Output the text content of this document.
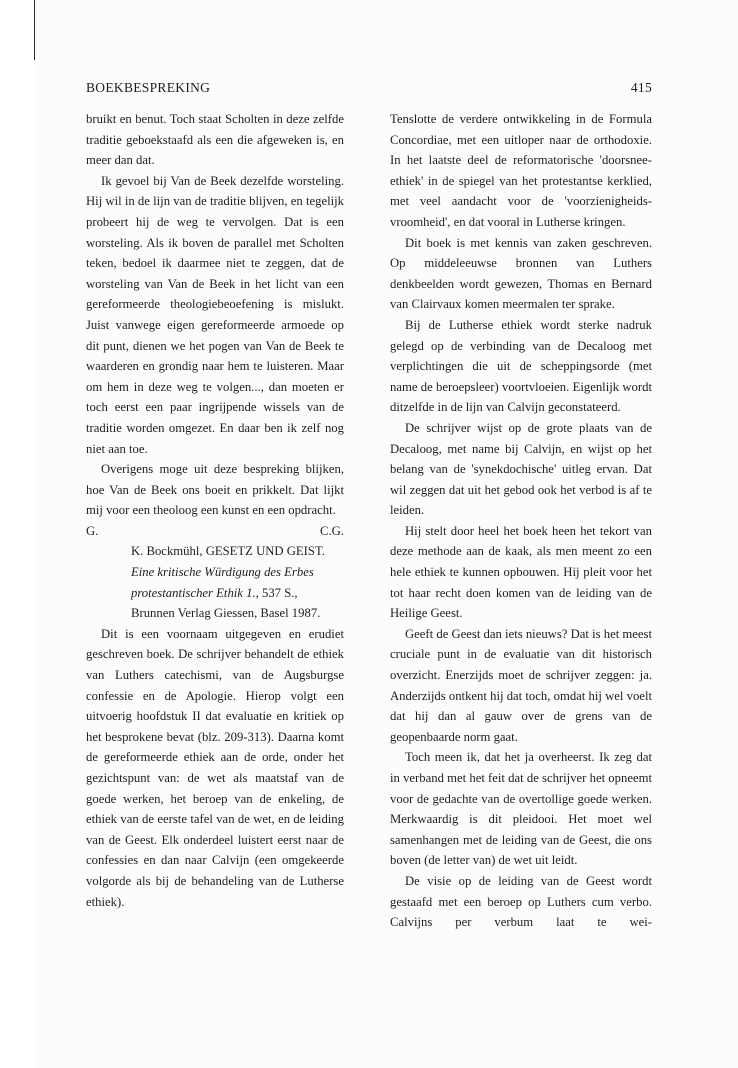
BOEKBESPREKING	415

bruikt en benut. Toch staat Scholten in deze zelfde traditie geboekstaafd als een die afgeweken is, en meer dan dat.

Ik gevoel bij Van de Beek dezelfde worsteling. Hij wil in de lijn van de traditie blijven, en tegelijk probeert hij de weg te vervolgen. Dat is een worsteling. Als ik boven de parallel met Scholten teken, bedoel ik daarmee niet te zeggen, dat de worsteling van Van de Beek in het licht van een gereformeerde theologiebeoefening is mislukt. Juist vanwege eigen gereformeerde armoede op dit punt, dienen we het pogen van Van de Beek te waarderen en grondig naar hem te luisteren. Maar om hem in deze weg te volgen..., dan moeten er toch eerst een paar ingrijpende wissels van de traditie worden omgezet. En daar ben ik zelf nog niet aan toe.

Overigens moge uit deze bespreking blijken, hoe Van de Beek ons boeit en prikkelt. Dat lijkt mij voor een theoloog een kunst en een opdracht.

G.	C.G.

K. Bockmühl, GESETZ UND GEIST. Eine kritische Würdigung des Erbes protestantischer Ethik 1., 537 S., Brunnen Verlag Giessen, Basel 1987.

Dit is een voornaam uitgegeven en erudiet geschreven boek. De schrijver behandelt de ethiek van Luthers catechismi, van de Augsburgse confessie en de Apologie. Hierop volgt een uitvoerig hoofdstuk II dat evaluatie en kritiek op het besprokene bevat (blz. 209-313). Daarna komt de gereformeerde ethiek aan de orde, onder het gezichtspunt van: de wet als maatstaf van de goede werken, het beroep van de enkeling, de ethiek van de eerste tafel van de wet, en de leiding van de Geest. Elk onderdeel luistert eerst naar de confessies en dan naar Calvijn (een omgekeerde volgorde als bij de behandeling van de Lutherse ethiek).

Tenslotte de verdere ontwikkeling in de Formula Concordiae, met een uitloper naar de orthodoxie. In het laatste deel de reformatorische 'doorsnee-ethiek' in de spiegel van het protestantse kerklied, met veel aandacht voor de 'voorzienigheids-vroomheid', en dat vooral in Lutherse kringen.

Dit boek is met kennis van zaken geschreven. Op middeleeuwse bronnen van Luthers denkbeelden wordt gewezen, Thomas en Bernard van Clairvaux komen meermalen ter sprake.

Bij de Lutherse ethiek wordt sterke nadruk gelegd op de verbinding van de Decaloog met verplichtingen die uit de scheppingsorde (met name de beroepsleer) voortvloeien. Eigenlijk wordt ditzelfde in de lijn van Calvijn geconstateerd.

De schrijver wijst op de grote plaats van de Decaloog, met name bij Calvijn, en wijst op het belang van de 'synekdochische' uitleg ervan. Dat wil zeggen dat uit het gebod ook het verbod is af te leiden.

Hij stelt door heel het boek heen het tekort van deze methode aan de kaak, als men meent zo een hele ethiek te kunnen opbouwen. Hij pleit voor het tot haar recht doen komen van de leiding van de Heilige Geest.

Geeft de Geest dan iets nieuws? Dat is het meest cruciale punt in de evaluatie van dit historisch overzicht. Enerzijds moet de schrijver zeggen: ja. Anderzijds ontkent hij dat toch, omdat hij wel voelt dat hij dan al gauw over de grens van de geopenbaarde norm gaat.

Toch meen ik, dat het ja overheerst. Ik zeg dat in verband met het feit dat de schrijver het opneemt voor de gedachte van de overtollige goede werken. Merkwaardig is dit pleidooi. Het moet wel samenhangen met de leiding van de Geest, die ons boven (de letter van) de wet uit leidt.

De visie op de leiding van de Geest wordt gestaafd met een beroep op Luthers cum verbo. Calvijns per verbum laat te wei-
